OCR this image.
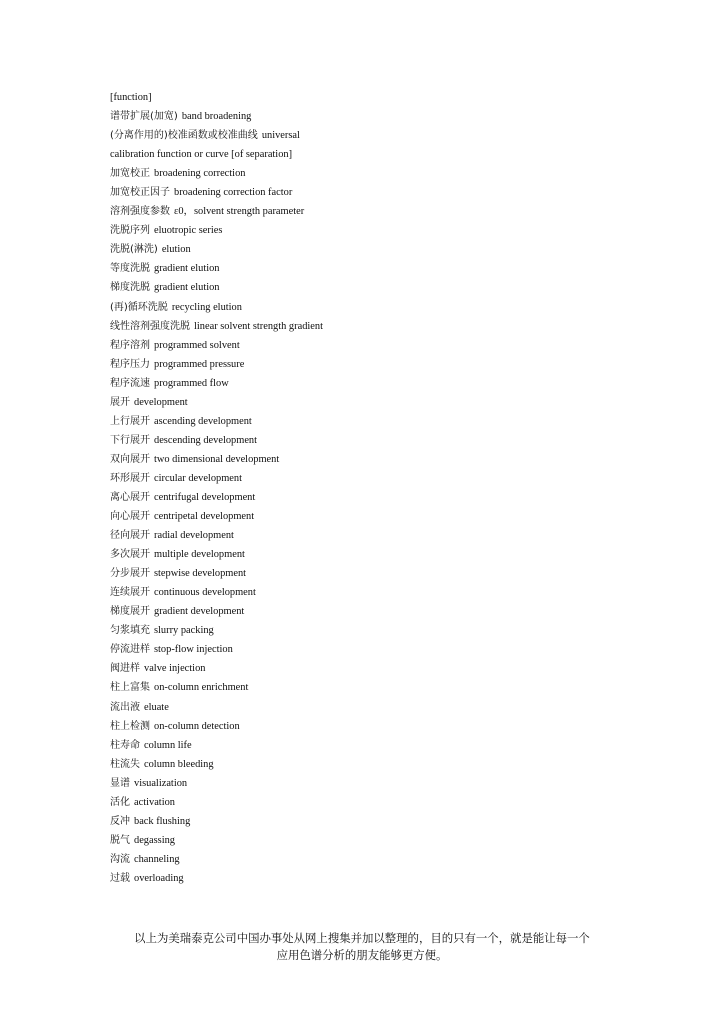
[function]
谱带扩展(加宽) band broadening
(分离作用的)校准函数或校准曲线 universal
calibration function or curve [of separation]
加宽校正 broadening correction
加宽校正因子 broadening correction factor
溶剂强度参数 ε0，solvent strength parameter
洗脱序列 eluotropic series
洗脱(淋洗) elution
等度洗脱 gradient elution
梯度洗脱 gradient elution
(再)循环洗脱 recycling elution
线性溶剂强度洗脱 linear solvent strength gradient
程序溶剂 programmed solvent
程序压力 programmed pressure
程序流速 programmed flow
展开 development
上行展开 ascending development
下行展开 descending development
双向展开 two dimensional development
环形展开 circular development
离心展开 centrifugal development
向心展开 centripetal development
径向展开 radial development
多次展开 multiple development
分步展开 stepwise development
连续展开 continuous development
梯度展开 gradient development
匀浆填充 slurry packing
停流进样 stop-flow injection
阀进样 valve injection
柱上富集 on-column enrichment
流出液 eluate
柱上检测 on-column detection
柱寿命 column life
柱流失 column bleeding
显谱 visualization
活化 activation
反冲 back flushing
脱气 degassing
沟流 channeling
过载 overloading
以上为美瑞泰克公司中国办事处从网上搜集并加以整理的，目的只有一个，就是能让每一个
应用色谱分析的朋友能够更方便。
